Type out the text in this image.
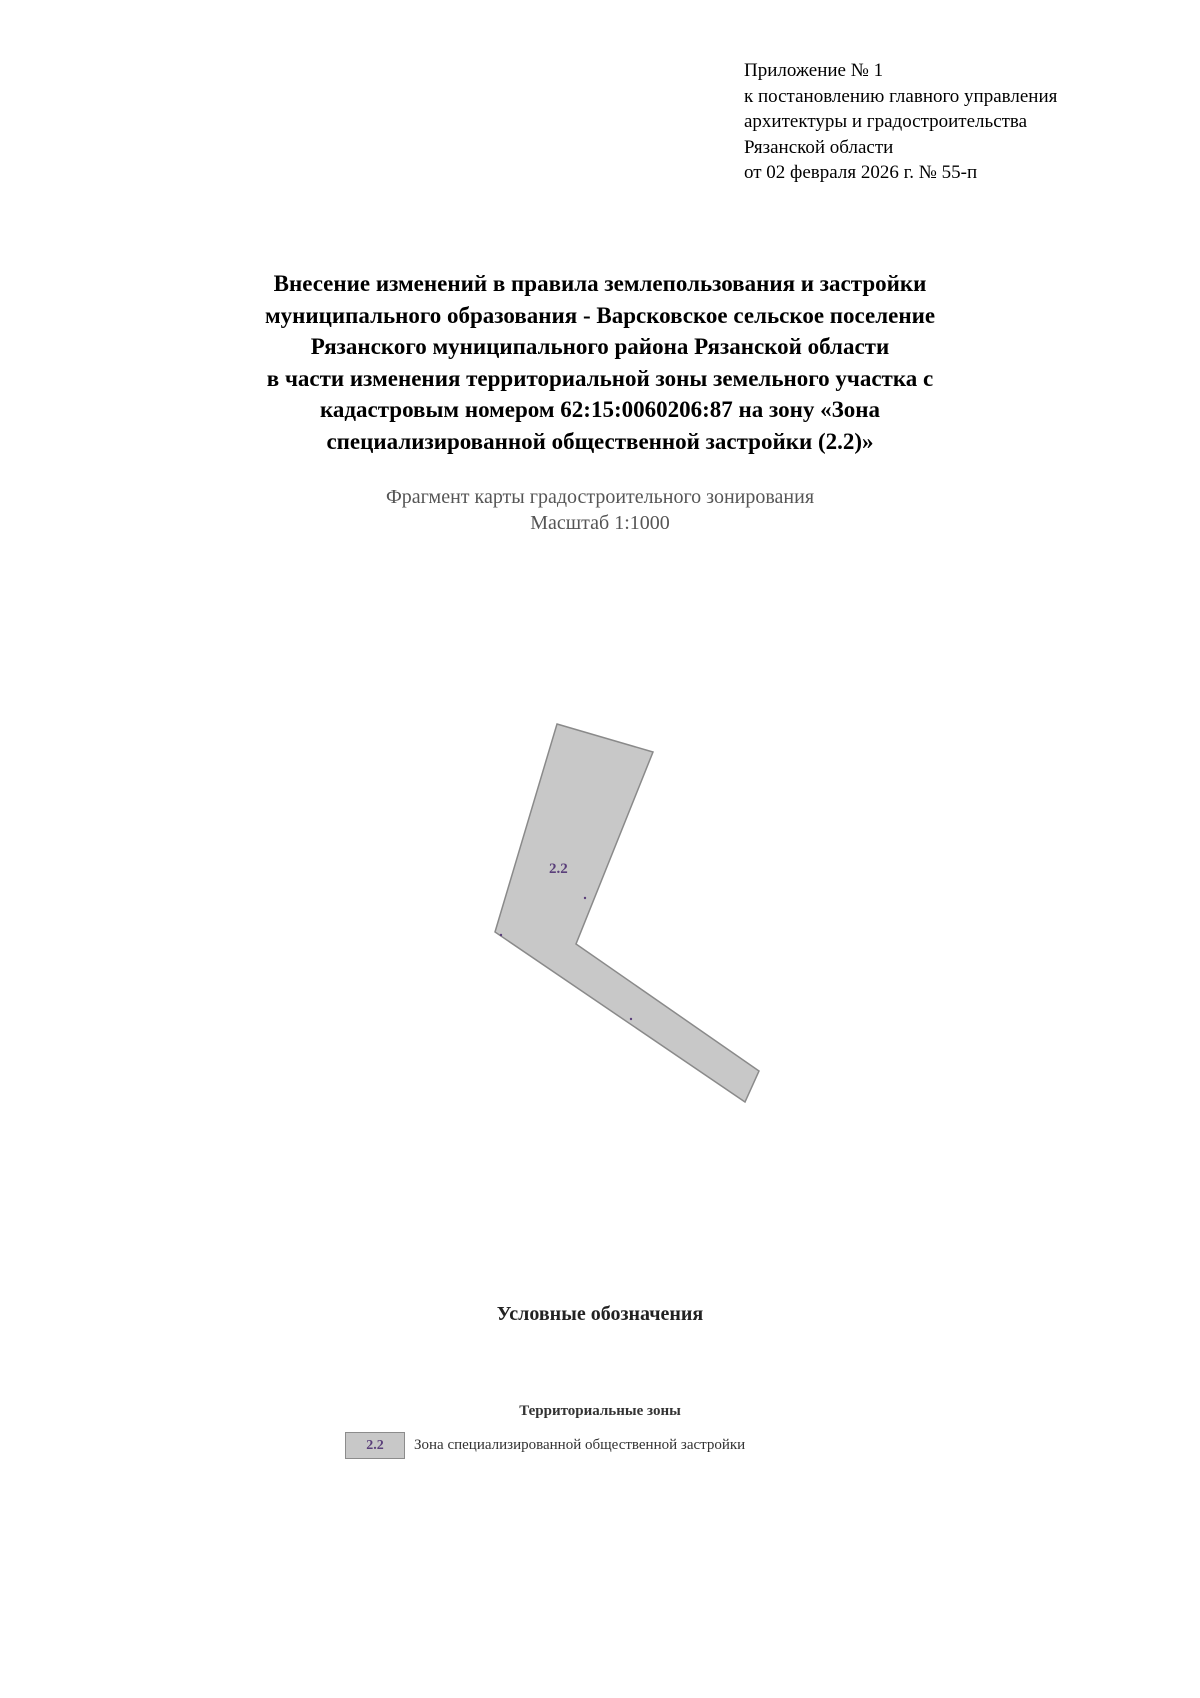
Приложение № 1
к постановлению главного управления
архитектуры и градостроительства
Рязанской области
от 02 февраля 2026 г. № 55-п
Внесение изменений в правила землепользования и застройки
муниципального образования - Варсковское сельское поселение
Рязанского муниципального района Рязанской области
в части изменения территориальной зоны земельного участка с
кадастровым номером 62:15:0060206:87 на зону «Зона
специализированной общественной застройки (2.2)»
Фрагмент карты градостроительного зонирования
Масштаб 1:1000
2.2
Условные обозначения
Территориальные зоны
2.2	Зона специализированной общественной застройки
